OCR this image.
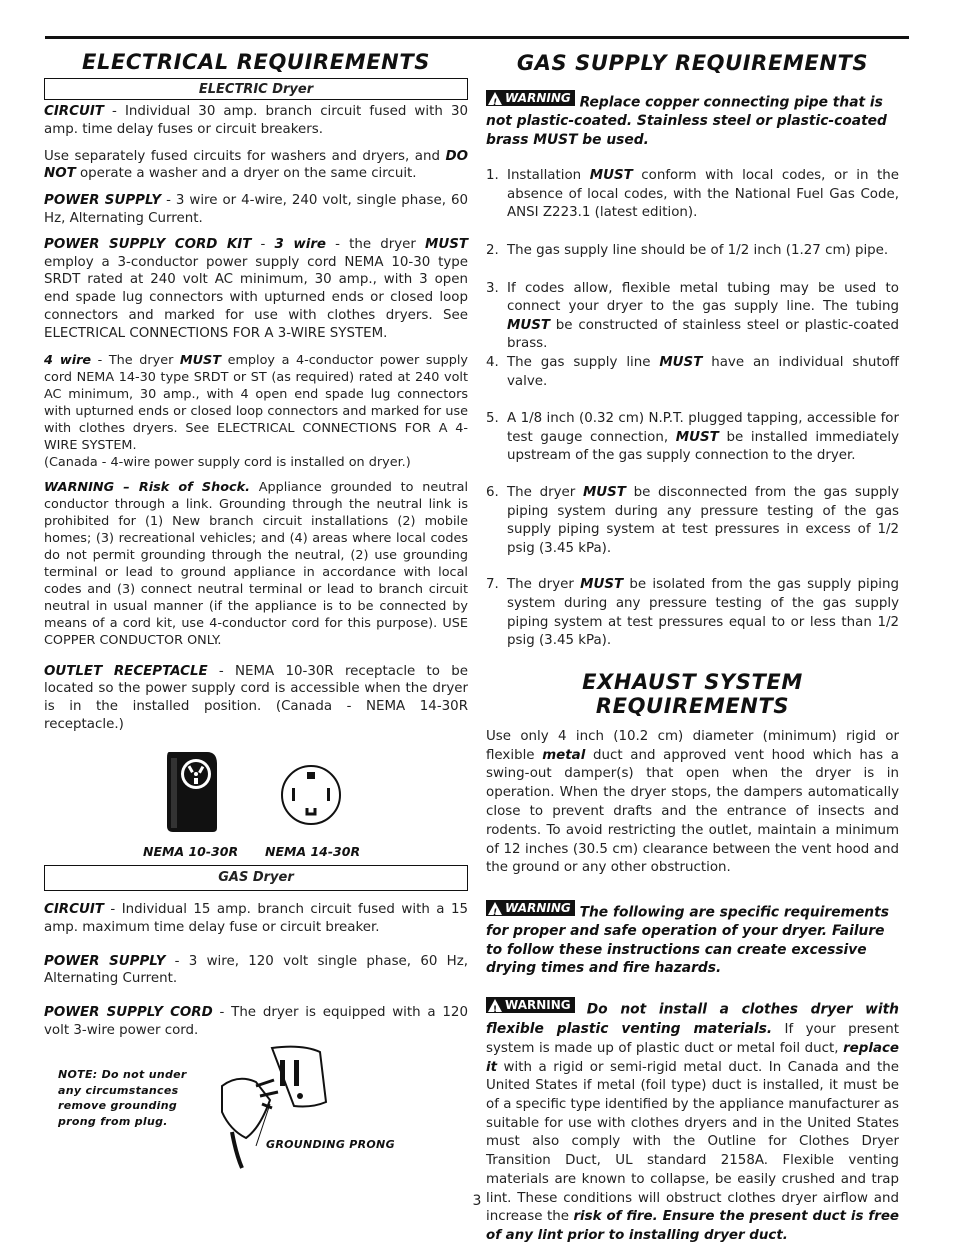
ELECTRICAL REQUIREMENTS
ELECTRIC Dryer

CIRCUIT - Individual 30 amp. branch circuit fused with 30 amp. time delay fuses or circuit breakers.

Use separately fused circuits for washers and dryers, and DO NOT operate a washer and a dryer on the same circuit.

POWER SUPPLY - 3 wire or 4-wire, 240 volt, single phase, 60 Hz, Alternating Current.

POWER SUPPLY CORD KIT - 3 wire - the dryer MUST employ a 3-conductor power supply cord NEMA 10-30 type SRDT rated at 240 volt AC minimum, 30 amp., with 3 open end spade lug connectors with upturned ends or closed loop connectors and marked for use with clothes dryers. See ELECTRICAL CONNECTIONS FOR A 3-WIRE SYSTEM.

4 wire - The dryer MUST employ a 4-conductor power supply cord NEMA 14-30 type SRDT or ST (as required) rated at 240 volt AC minimum, 30 amp., with 4 open end spade lug connectors with upturned ends or closed loop connectors and marked for use with clothes dryers. See ELECTRICAL CONNECTIONS FOR A 4-WIRE SYSTEM.

(Canada - 4-wire power supply cord is installed on dryer.)

WARNING – Risk of Shock. Appliance grounded to neutral conductor through a link. Grounding through the neutral link is prohibited for (1) New branch circuit installations (2) mobile homes; (3) recreational vehicles; and (4) areas where local codes do not permit grounding through the neutral, (2) use grounding terminal or lead to ground appliance in accordance with local codes and (3) connect neutral terminal or lead to branch circuit neutral in usual manner (if the appliance is to be connected by means of a cord kit, use 4-conductor cord for this purpose). USE COPPER CONDUCTOR ONLY.

OUTLET RECEPTACLE - NEMA 10-30R receptacle to be located so the power supply cord is accessible when the dryer is in the installed position. (Canada - NEMA 14-30R receptacle.)

NEMA 10-30R NEMA 14-30R
GAS Dryer

CIRCUIT - Individual 15 amp. branch circuit fused with a 15 amp. maximum time delay fuse or circuit breaker.

POWER SUPPLY - 3 wire, 120 volt single phase, 60 Hz, Alternating Current.

POWER SUPPLY CORD - The dryer is equipped with a 120 volt 3-wire power cord.

NOTE: Do not under any circumstances remove grounding prong from plug.
GROUNDING PRONG
GAS SUPPLY REQUIREMENTS
!
WARNING Replace copper connecting pipe that is not plastic-coated. Stainless steel or plastic-coated brass MUST be used.
1. Installation MUST conform with local codes, or in the absence of local codes, with the National Fuel Gas Code, ANSI Z223.1 (latest edition).
2. The gas supply line should be of 1/2 inch (1.27 cm) pipe.
3. If codes allow, flexible metal tubing may be used to connect your dryer to the gas supply line. The tubing MUST be constructed of stainless steel or plastic-coated brass.
4. The gas supply line MUST have an individual shutoff valve.
5. A 1/8 inch (0.32 cm) N.P.T. plugged tapping, accessible for test gauge connection, MUST be installed immediately upstream of the gas supply connection to the dryer.
6. The dryer MUST be disconnected from the gas supply piping system during any pressure testing of the gas supply piping system at test pressures in excess of 1/2 psig (3.45 kPa).
7. The dryer MUST be isolated from the gas supply piping system during any pressure testing of the gas supply piping system at test pressures equal to or less than 1/2 psig (3.45 kPa).
EXHAUST SYSTEM REQUIREMENTS

Use only 4 inch (10.2 cm) diameter (minimum) rigid or flexible metal duct and approved vent hood which has a swing-out damper(s) that open when the dryer is in operation. When the dryer stops, the dampers automatically close to prevent drafts and the entrance of insects and rodents. To avoid restricting the outlet, maintain a minimum of 12 inches (30.5 cm) clearance between the vent hood and the ground or any other obstruction.

!
WARNING The following are specific requirements for proper and safe operation of your dryer. Failure to follow these instructions can create excessive drying times and fire hazards.
!
WARNING Do not install a clothes dryer with flexible plastic venting materials. If your present system is made up of plastic duct or metal foil duct, replace it with a rigid or semi-rigid metal duct. In Canada and the United States if metal (foil type) duct is installed, it must be of a specific type identified by the appliance manufacturer as suitable for use with clothes dryers and in the United States must also comply with the Outline for Clothes Dryer Transition Duct, UL standard 2158A. Flexible venting materials are known to collapse, be easily crushed and trap lint. These conditions will obstruct clothes dryer airflow and increase the risk of fire. Ensure the present duct is free of any lint prior to installing dryer duct.
3
